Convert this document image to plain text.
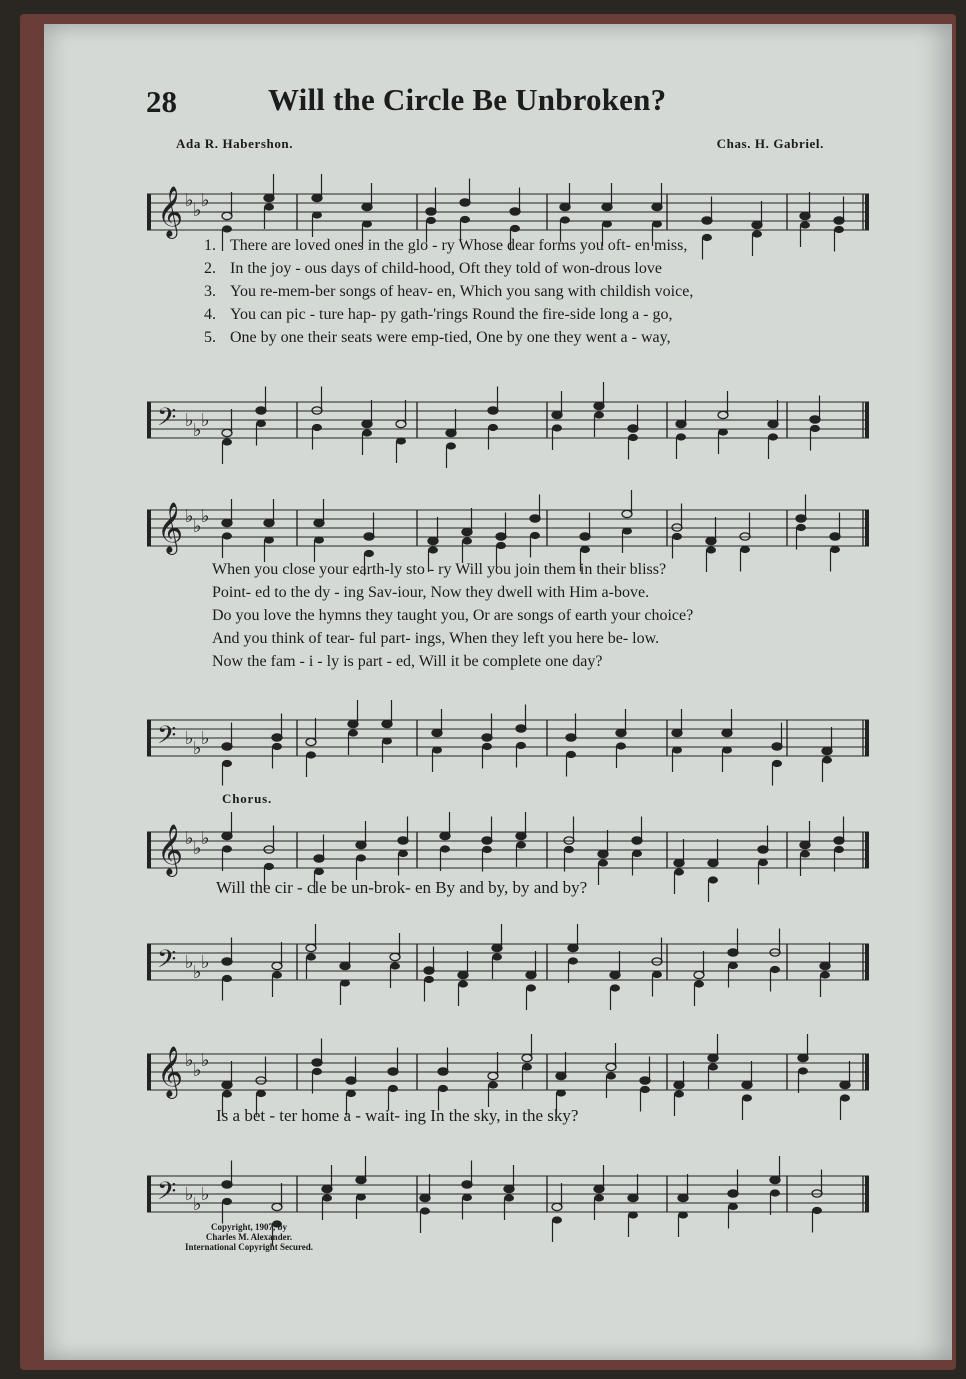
28	Will the Circle Be Unbroken?
Ada R. Habershon.	Chas. H. Gabriel.
𝄞 ♭ ♭ ♭
1. There are loved ones in the glo - ry Whose dear forms you oft- en miss,
2. In the joy - ous days of child-hood, Oft they told of won-drous love
3. You re-mem-ber songs of heav- en, Which you sang with childish voice,
4. You can pic - ture hap- py gath-'rings Round the fire-side long a - go,
5. One by one their seats were emp-tied, One by one they went a - way,
𝄢 ♭ ♭ ♭
𝄞 ♭ ♭ ♭
When you close your earth-ly sto - ry Will you join them in their bliss?
Point- ed to the dy - ing Sav-iour, Now they dwell with Him a-bove.
Do you love the hymns they taught you, Or are songs of earth your choice?
And you think of tear- ful part- ings, When they left you here be- low.
Now the fam - i - ly is part - ed, Will it be complete one day?
𝄢 ♭ ♭ ♭
Chorus.
𝄞 ♭ ♭ ♭
Will the cir - cle be un-brok- en By and by, by and by?
𝄢 ♭ ♭ ♭
𝄞 ♭ ♭ ♭
Is a bet - ter home a - wait- ing In the sky, in the sky?
𝄢 ♭ ♭ ♭
Copyright, 1907, by
Charles M. Alexander.
International Copyright Secured.
